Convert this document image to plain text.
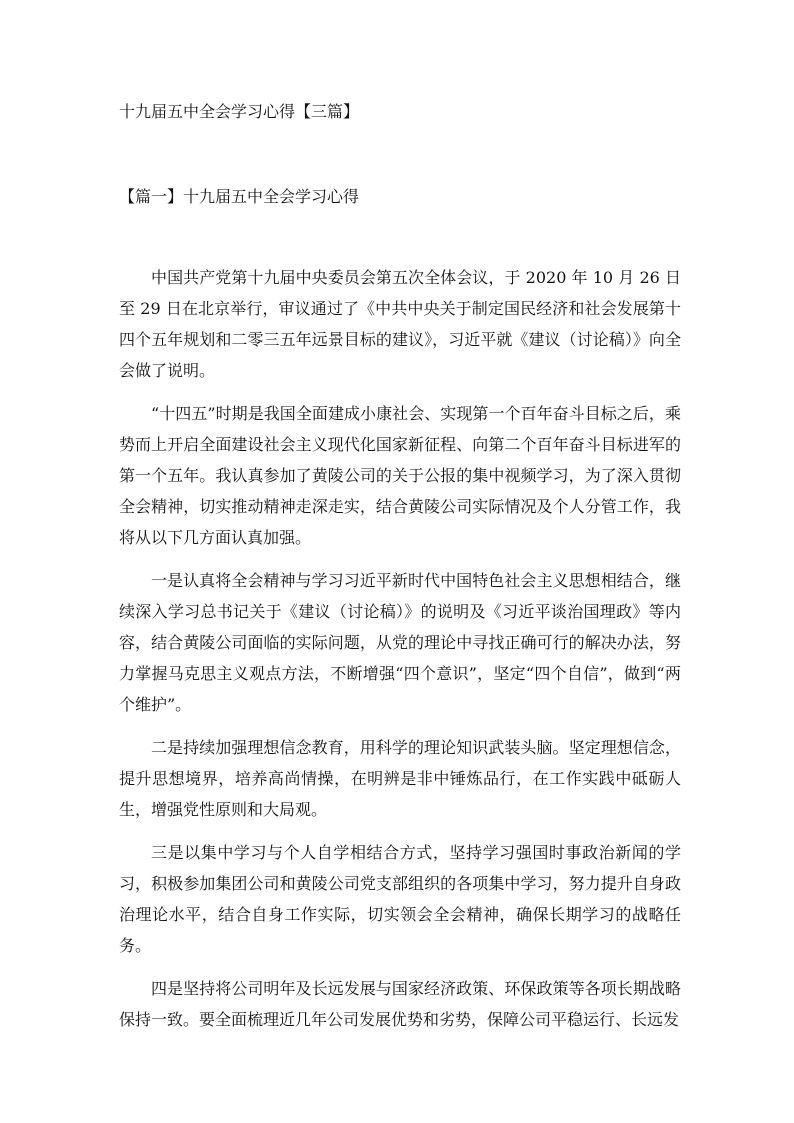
十九届五中全会学习心得【三篇】
【篇一】十九届五中全会学习心得

中国共产党第十九届中央委员会第五次全体会议，于 2020 年 10 月 26 日至 29 日在北京举行，审议通过了《中共中央关于制定国民经济和社会发展第十四个五年规划和二零三五年远景目标的建议》，习近平就《建议（讨论稿）》向全会做了说明。

“十四五”时期是我国全面建成小康社会、实现第一个百年奋斗目标之后，乘势而上开启全面建设社会主义现代化国家新征程、向第二个百年奋斗目标进军的第一个五年。我认真参加了黄陵公司的关于公报的集中视频学习，为了深入贯彻全会精神，切实推动精神走深走实，结合黄陵公司实际情况及个人分管工作，我将从以下几方面认真加强。

一是认真将全会精神与学习习近平新时代中国特色社会主义思想相结合，继续深入学习总书记关于《建议（讨论稿）》的说明及《习近平谈治国理政》等内容，结合黄陵公司面临的实际问题，从党的理论中寻找正确可行的解决办法，努力掌握马克思主义观点方法，不断增强“四个意识”，坚定“四个自信”，做到“两个维护”。

二是持续加强理想信念教育，用科学的理论知识武装头脑。坚定理想信念，提升思想境界，培养高尚情操，在明辨是非中锤炼品行，在工作实践中砥砺人生，增强党性原则和大局观。

三是以集中学习与个人自学相结合方式，坚持学习强国时事政治新闻的学习，积极参加集团公司和黄陵公司党支部组织的各项集中学习，努力提升自身政治理论水平，结合自身工作实际，切实领会全会精神，确保长期学习的战略任务。

四是坚持将公司明年及长远发展与国家经济政策、环保政策等各项长期战略保持一致。要全面梳理近几年公司发展优势和劣势，保障公司平稳运行、长远发
